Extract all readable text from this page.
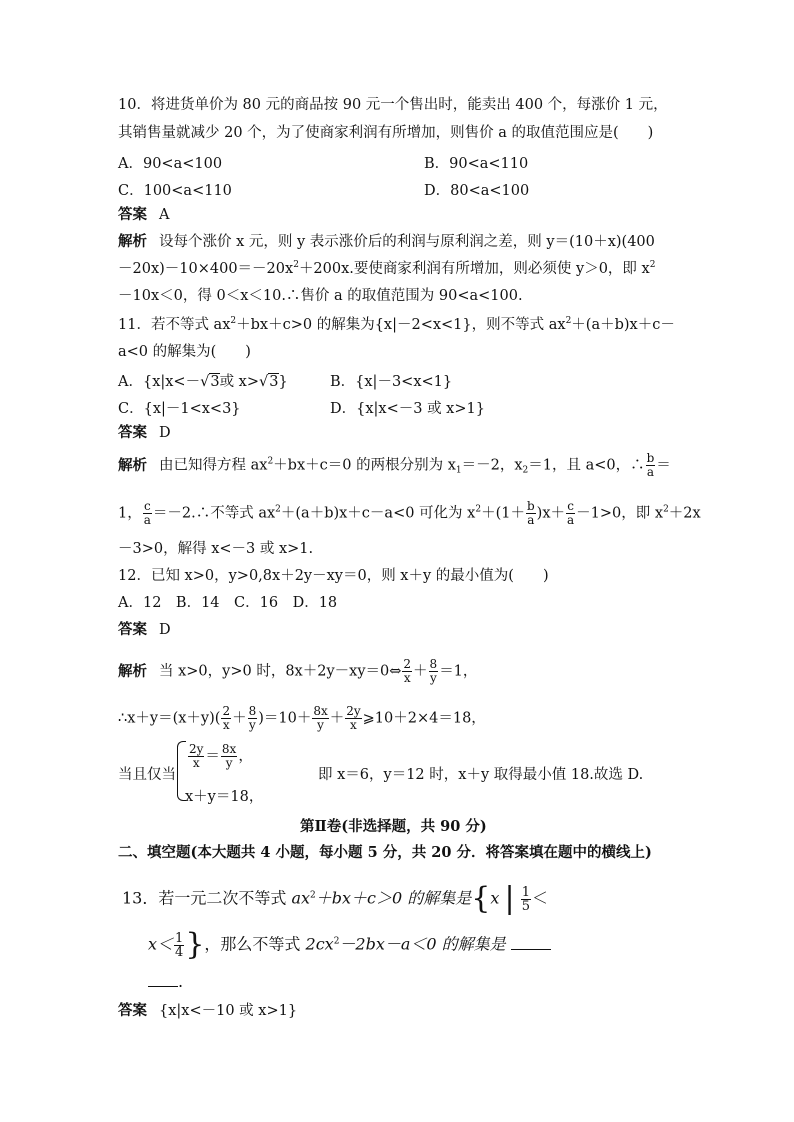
10．将进货单价为 80 元的商品按 90 元一个售出时，能卖出 400 个，每涨价 1 元，
其销售量就减少 20 个，为了使商家利润有所增加，则售价 a 的取值范围应是(　　)
A．90<a<100	B．90<a<110
C．100<a<110	D．80<a<100
答案 A
解析 设每个涨价 x 元，则 y 表示涨价后的利润与原利润之差，则 y＝(10＋x)(400
$-20x)-10\times 400=-20x^2+200x$.要使商家利润有所增加，则必须使 y＞0，即 $x^2$
－10x＜0，得 0＜x＜10.∴售价 a 的取值范围为 90<a<100.
11．若不等式 $ax^2+bx+c>0$ 的解集为{x|－2<x<1}，则不等式 $ax^2+(a+b)x+c-$
a<0 的解集为(　　)
A．{x|x<－√3或 x>√3}	B．{x|－3<x<1}
C．{x|－1<x<3}	D．{x|x<－3 或 x>1}
答案 D
解析 由已知得方程 $ax^2+bx+c=0$ 的两根分别为 $x_1=-2$，$x_2=1$，且 a<0，∴ $\frac{b}{a}$ ＝
1， $\frac{c}{a}$ ＝－2.∴不等式 $ax^2+(a+b)x+c-a<0$ 可化为 $x^2+(1+ \frac{b}{a} )x+ \frac{c}{a} -1>0$，即 $x^2+2x$
－3>0，解得 x<－3 或 x>1.
12．已知 x>0，y>0,8x＋2y－xy＝0，则 x＋y 的最小值为(　　)
A．12　B．14　C．16　D．18
答案 D
解析 当 x>0，y>0 时，8x＋2y－xy＝0⇔ $\frac{2}{x} + \frac{8}{y} =1$，
∴x＋y＝(x＋y)( $\frac{2}{x} + \frac{8}{y} )=10+ \frac{8x}{y} + \frac{2y}{x}$ ⩾10＋2×4＝18，
当且仅当
$\frac{2y}{x} = \frac{8x}{y}$ ，
x＋y＝18，
即 x＝6，y＝12 时，x＋y 取得最小值 18.故选 D.
第Ⅱ卷(非选择题，共 90 分)
二、填空题(本大题共 4 小题，每小题 5 分，共 20 分．将答案填在题中的横线上)
13．若一元二次不等式 $ax^2+bx+c>0$ 的解集是{x | $\frac{1}{5}$ ＜
$x< \frac{1}{4}$ }，那么不等式 $2cx^2-2bx-a<0$ 的解集是
.
答案 {x|x<－10 或 x>1}
